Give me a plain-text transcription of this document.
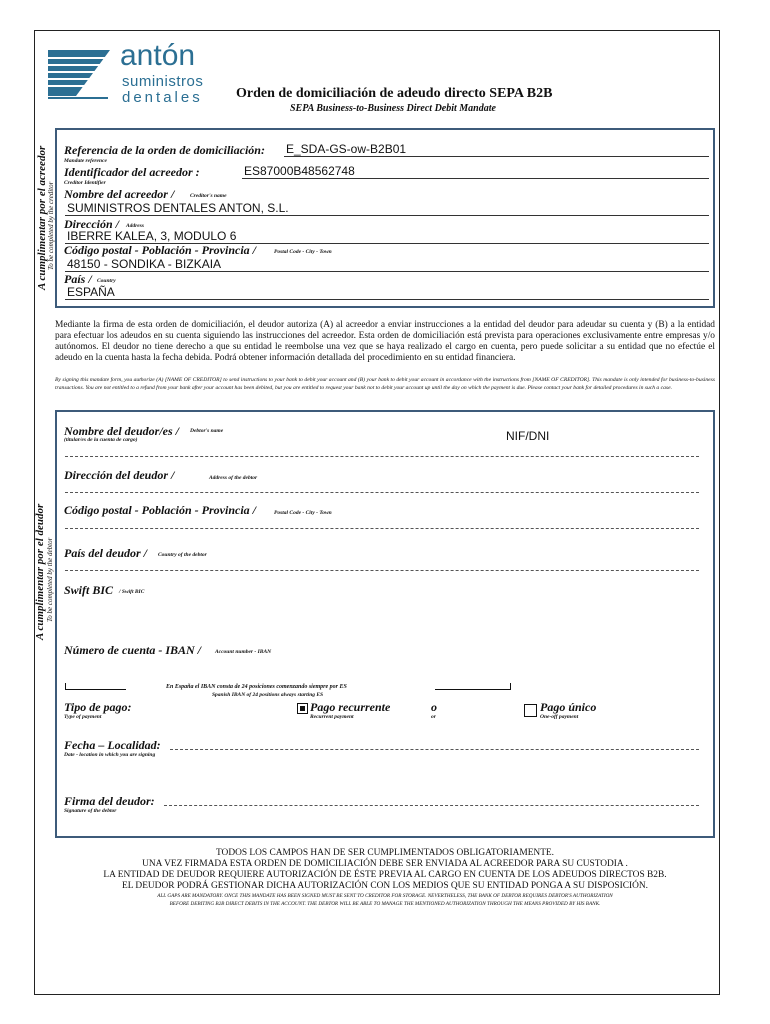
antón
suministros
dentales Orden de domiciliación de adeudo directo SEPA B2B
SEPA Business-to-Business Direct Debit Mandate
A cumplimentar por el acreedor To be completed by the creditor
Referencia de la orden de domiciliación: E_SDA-GS-ow-B2B01
Mandate reference
Identificador del acreedor :	ES87000B48562748
Creditor Identifier
Nombre del acreedor /	Creditor's name
SUMINISTROS DENTALES ANTON, S.L.
Dirección / Address
IBERRE KALEA, 3, MODULO 6
Código postal - Población - Provincia /	Postal Code - City - Town
48150 - SONDIKA - BIZKAIA
País / Country
ESPAÑA
Mediante la firma de esta orden de domiciliación, el deudor autoriza (A) al acreedor a enviar instrucciones a la entidad del deudor para adeudar su cuenta y (B) a la entidad para efectuar los adeudos en su cuenta siguiendo las instrucciones del acreedor. Esta orden de domiciliación está prevista para operaciones exclusivamente entre empresas y/o autónomos. El deudor no tiene derecho a que su entidad le reembolse una vez que se haya realizado el cargo en cuenta, pero puede solicitar a su entidad que no efectúe el adeudo en la cuenta hasta la fecha debida. Podrá obtener información detallada del procedimiento en su entidad financiera.
By signing this mandate form, you authorize (A) [NAME OF CREDITOR] to send instructions to your bank to debit your account and (B) your bank to debit your account in accordance with the instructions from [NAME OF CREDITOR]. This mandate is only intended for business-to-business transactions. You are not entitled to a refund from your bank after your account has been debited, but you are entitled to request your bank not to debit your account up until the day on which the payment is due. Please contact your bank for detailed procedures in such a case.
A cumplimentar por el deudor To be completed by the debtor
Nombre del deudor/es / Debtor's name
(titular/es de la cuenta de cargo)	NIF/DNI
Dirección del deudor /	Address of the debtor
Código postal - Población - Provincia /	Postal Code - City - Town
País del deudor / Country of the debtor
Swift BIC / Swift BIC
Número de cuenta - IBAN /	Account number - IBAN
En España el IBAN consta de 24 posiciones comenzando siempre por ES
Spanish IBAN of 24 positions always starting ES
Tipo de pago:
Type of payment
Pago recurrente
Recurrent payment
o
or
Pago único
One-off payment
Fecha – Localidad:
Date - location in which you are signing
Firma del deudor:
Signature of the debtor
TODOS LOS CAMPOS HAN DE SER CUMPLIMENTADOS OBLIGATORIAMENTE.
UNA VEZ FIRMADA ESTA ORDEN DE DOMICILIACIÓN DEBE SER ENVIADA AL ACREEDOR PARA SU CUSTODIA .
LA ENTIDAD DE DEUDOR REQUIERE AUTORIZACIÓN DE ÉSTE PREVIA AL CARGO EN CUENTA DE LOS ADEUDOS DIRECTOS B2B.
EL DEUDOR PODRÁ GESTIONAR DICHA AUTORIZACIÓN CON LOS MEDIOS QUE SU ENTIDAD PONGA A SU DISPOSICIÓN.
ALL GAPS ARE MANDATORY. ONCE THIS MANDATE HAS BEEN SIGNED MUST BE SENT TO CREDITOR FOR STORAGE. NEVERTHELESS, THE BANK OF DEBTOR REQUIRES DEBTOR'S AUTHORIZATION
BEFORE DEBITING B2B DIRECT DEBITS IN THE ACCOUNT. THE DEBTOR WILL BE ABLE TO MANAGE THE MENTIONED AUTHORIZATION THROUGH THE MEANS PROVIDED BY HIS BANK.
